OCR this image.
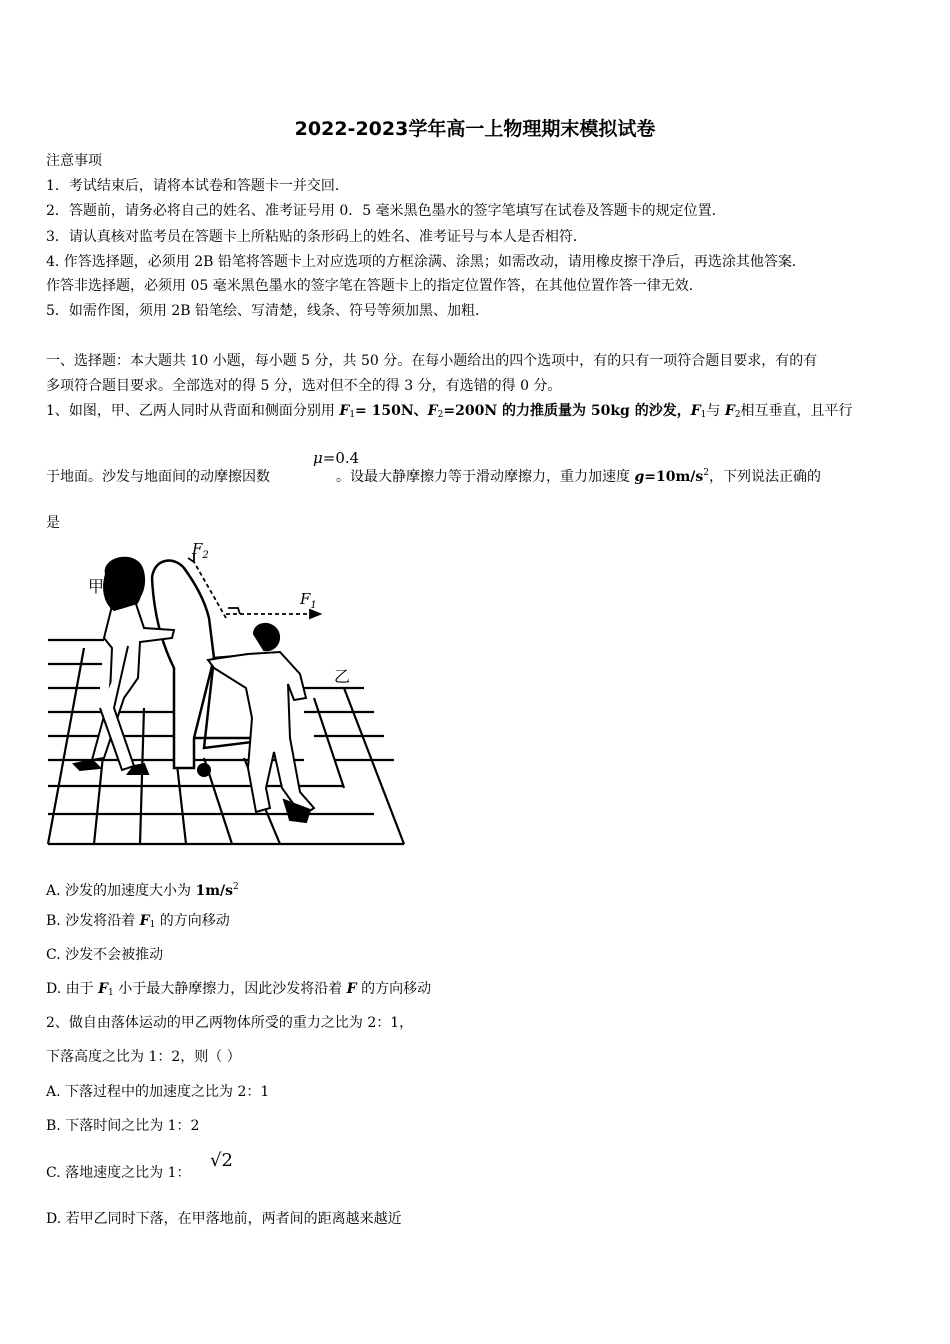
2022-2023学年高一上物理期末模拟试卷
注意事项
1．考试结束后，请将本试卷和答题卡一并交回．
2．答题前，请务必将自己的姓名、准考证号用 0．5 毫米黑色墨水的签字笔填写在试卷及答题卡的规定位置．
3．请认真核对监考员在答题卡上所粘贴的条形码上的姓名、准考证号与本人是否相符．
4. 作答选择题，必须用 2B 铅笔将答题卡上对应选项的方框涂满、涂黑；如需改动，请用橡皮擦干净后，再选涂其他答案．
作答非选择题，必须用 05 毫米黑色墨水的签字笔在答题卡上的指定位置作答，在其他位置作答一律无效．
5．如需作图，须用 2B 铅笔绘、写清楚，线条、符号等须加黑、加粗．
一、选择题：本大题共 10 小题，每小题 5 分，共 50 分。在每小题给出的四个选项中，有的只有一项符合题目要求，有的有
多项符合题目要求。全部选对的得 5 分，选对但不全的得 3 分，有选错的得 0 分。
1、如图，甲、乙两人同时从背面和侧面分别用 $F_1= 150N$、$F_2=200N$ 的力推质量为 50kg 的沙发，$F_1$与 $F_2$相互垂直，且平行
于地面。沙发与地面间的动摩擦因数	。设最大静摩擦力等于滑动摩擦力，重力加速度 $g=10m/s^2$，下列说法正确的
μ=0.4
是
$F_2$
$F_1$
甲
乙
A. 沙发的加速度大小为 $1m/s^2$
B. 沙发将沿着 $F_1$ 的方向移动
C. 沙发不会被推动
D. 由于 $F_1$ 小于最大静摩擦力，因此沙发将沿着 F 的方向移动
2、做自由落体运动的甲乙两物体所受的重力之比为 2：1，
下落高度之比为 1：2，则（ ）
A. 下落过程中的加速度之比为 2：1
B. 下落时间之比为 1：2
C. 落地速度之比为 1：
√2
D. 若甲乙同时下落，在甲落地前，两者间的距离越来越近
